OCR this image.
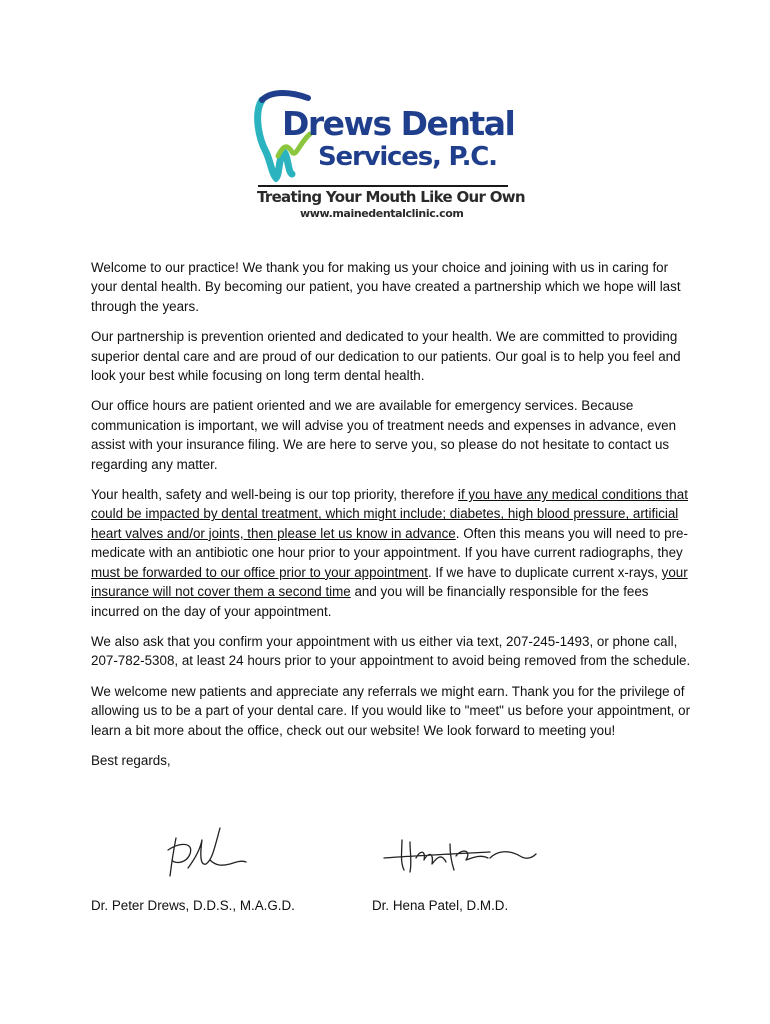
Drews Dental
Services, P.C.
Treating Your Mouth Like Our Own
www.mainedentalclinic.com

Welcome to our practice! We thank you for making us your choice and joining with us in caring for your dental health. By becoming our patient, you have created a partnership which we hope will last through the years.

Our partnership is prevention oriented and dedicated to your health. We are committed to providing superior dental care and are proud of our dedication to our patients. Our goal is to help you feel and look your best while focusing on long term dental health.

Our office hours are patient oriented and we are available for emergency services. Because communication is important, we will advise you of treatment needs and expenses in advance, even assist with your insurance filing. We are here to serve you, so please do not hesitate to contact us regarding any matter.

Your health, safety and well-being is our top priority, therefore if you have any medical conditions that could be impacted by dental treatment, which might include; diabetes, high blood pressure, artificial heart valves and/or joints, then please let us know in advance. Often this means you will need to pre-medicate with an antibiotic one hour prior to your appointment. If you have current radiographs, they must be forwarded to our office prior to your appointment. If we have to duplicate current x-rays, your insurance will not cover them a second time and you will be financially responsible for the fees incurred on the day of your appointment.

We also ask that you confirm your appointment with us either via text, 207-245-1493, or phone call, 207-782-5308, at least 24 hours prior to your appointment to avoid being removed from the schedule.

We welcome new patients and appreciate any referrals we might earn. Thank you for the privilege of allowing us to be a part of your dental care. If you would like to "meet" us before your appointment, or learn a bit more about the office, check out our website! We look forward to meeting you!

Best regards,

Dr. Peter Drews, D.D.S., M.A.G.D.	Dr. Hena Patel, D.M.D.
